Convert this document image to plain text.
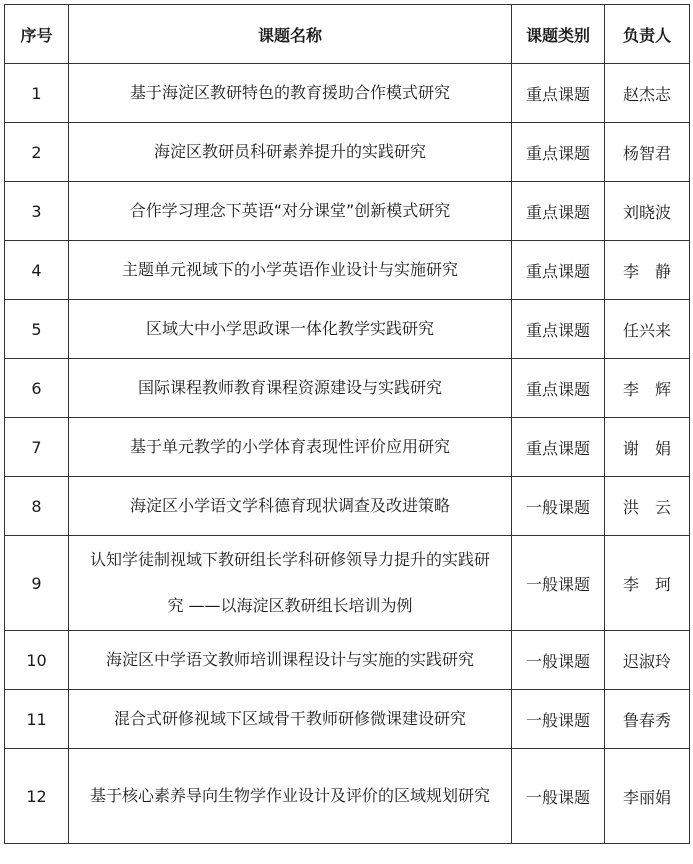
序号	课题名称	课题类别	负责人
1	基于海淀区教研特色的教育援助合作模式研究	重点课题	赵杰志
2	海淀区教研员科研素养提升的实践研究	重点课题	杨智君
3	合作学习理念下英语“对分课堂”创新模式研究	重点课题	刘晓波
4	主题单元视域下的小学英语作业设计与实施研究	重点课题	李　静
5	区域大中小学思政课一体化教学实践研究	重点课题	任兴来
6	国际课程教师教育课程资源建设与实践研究	重点课题	李　辉
7	基于单元教学的小学体育表现性评价应用研究	重点课题	谢　娟
8	海淀区小学语文学科德育现状调查及改进策略	一般课题	洪　云
9	认知学徒制视域下教研组长学科研修领导力提升的实践研究 ——以海淀区教研组长培训为例	一般课题	李　珂
10	海淀区中学语文教师培训课程设计与实施的实践研究	一般课题	迟淑玲
11	混合式研修视域下区域骨干教师研修微课建设研究	一般课题	鲁春秀
12	基于核心素养导向生物学作业设计及评价的区域规划研究	一般课题	李丽娟
